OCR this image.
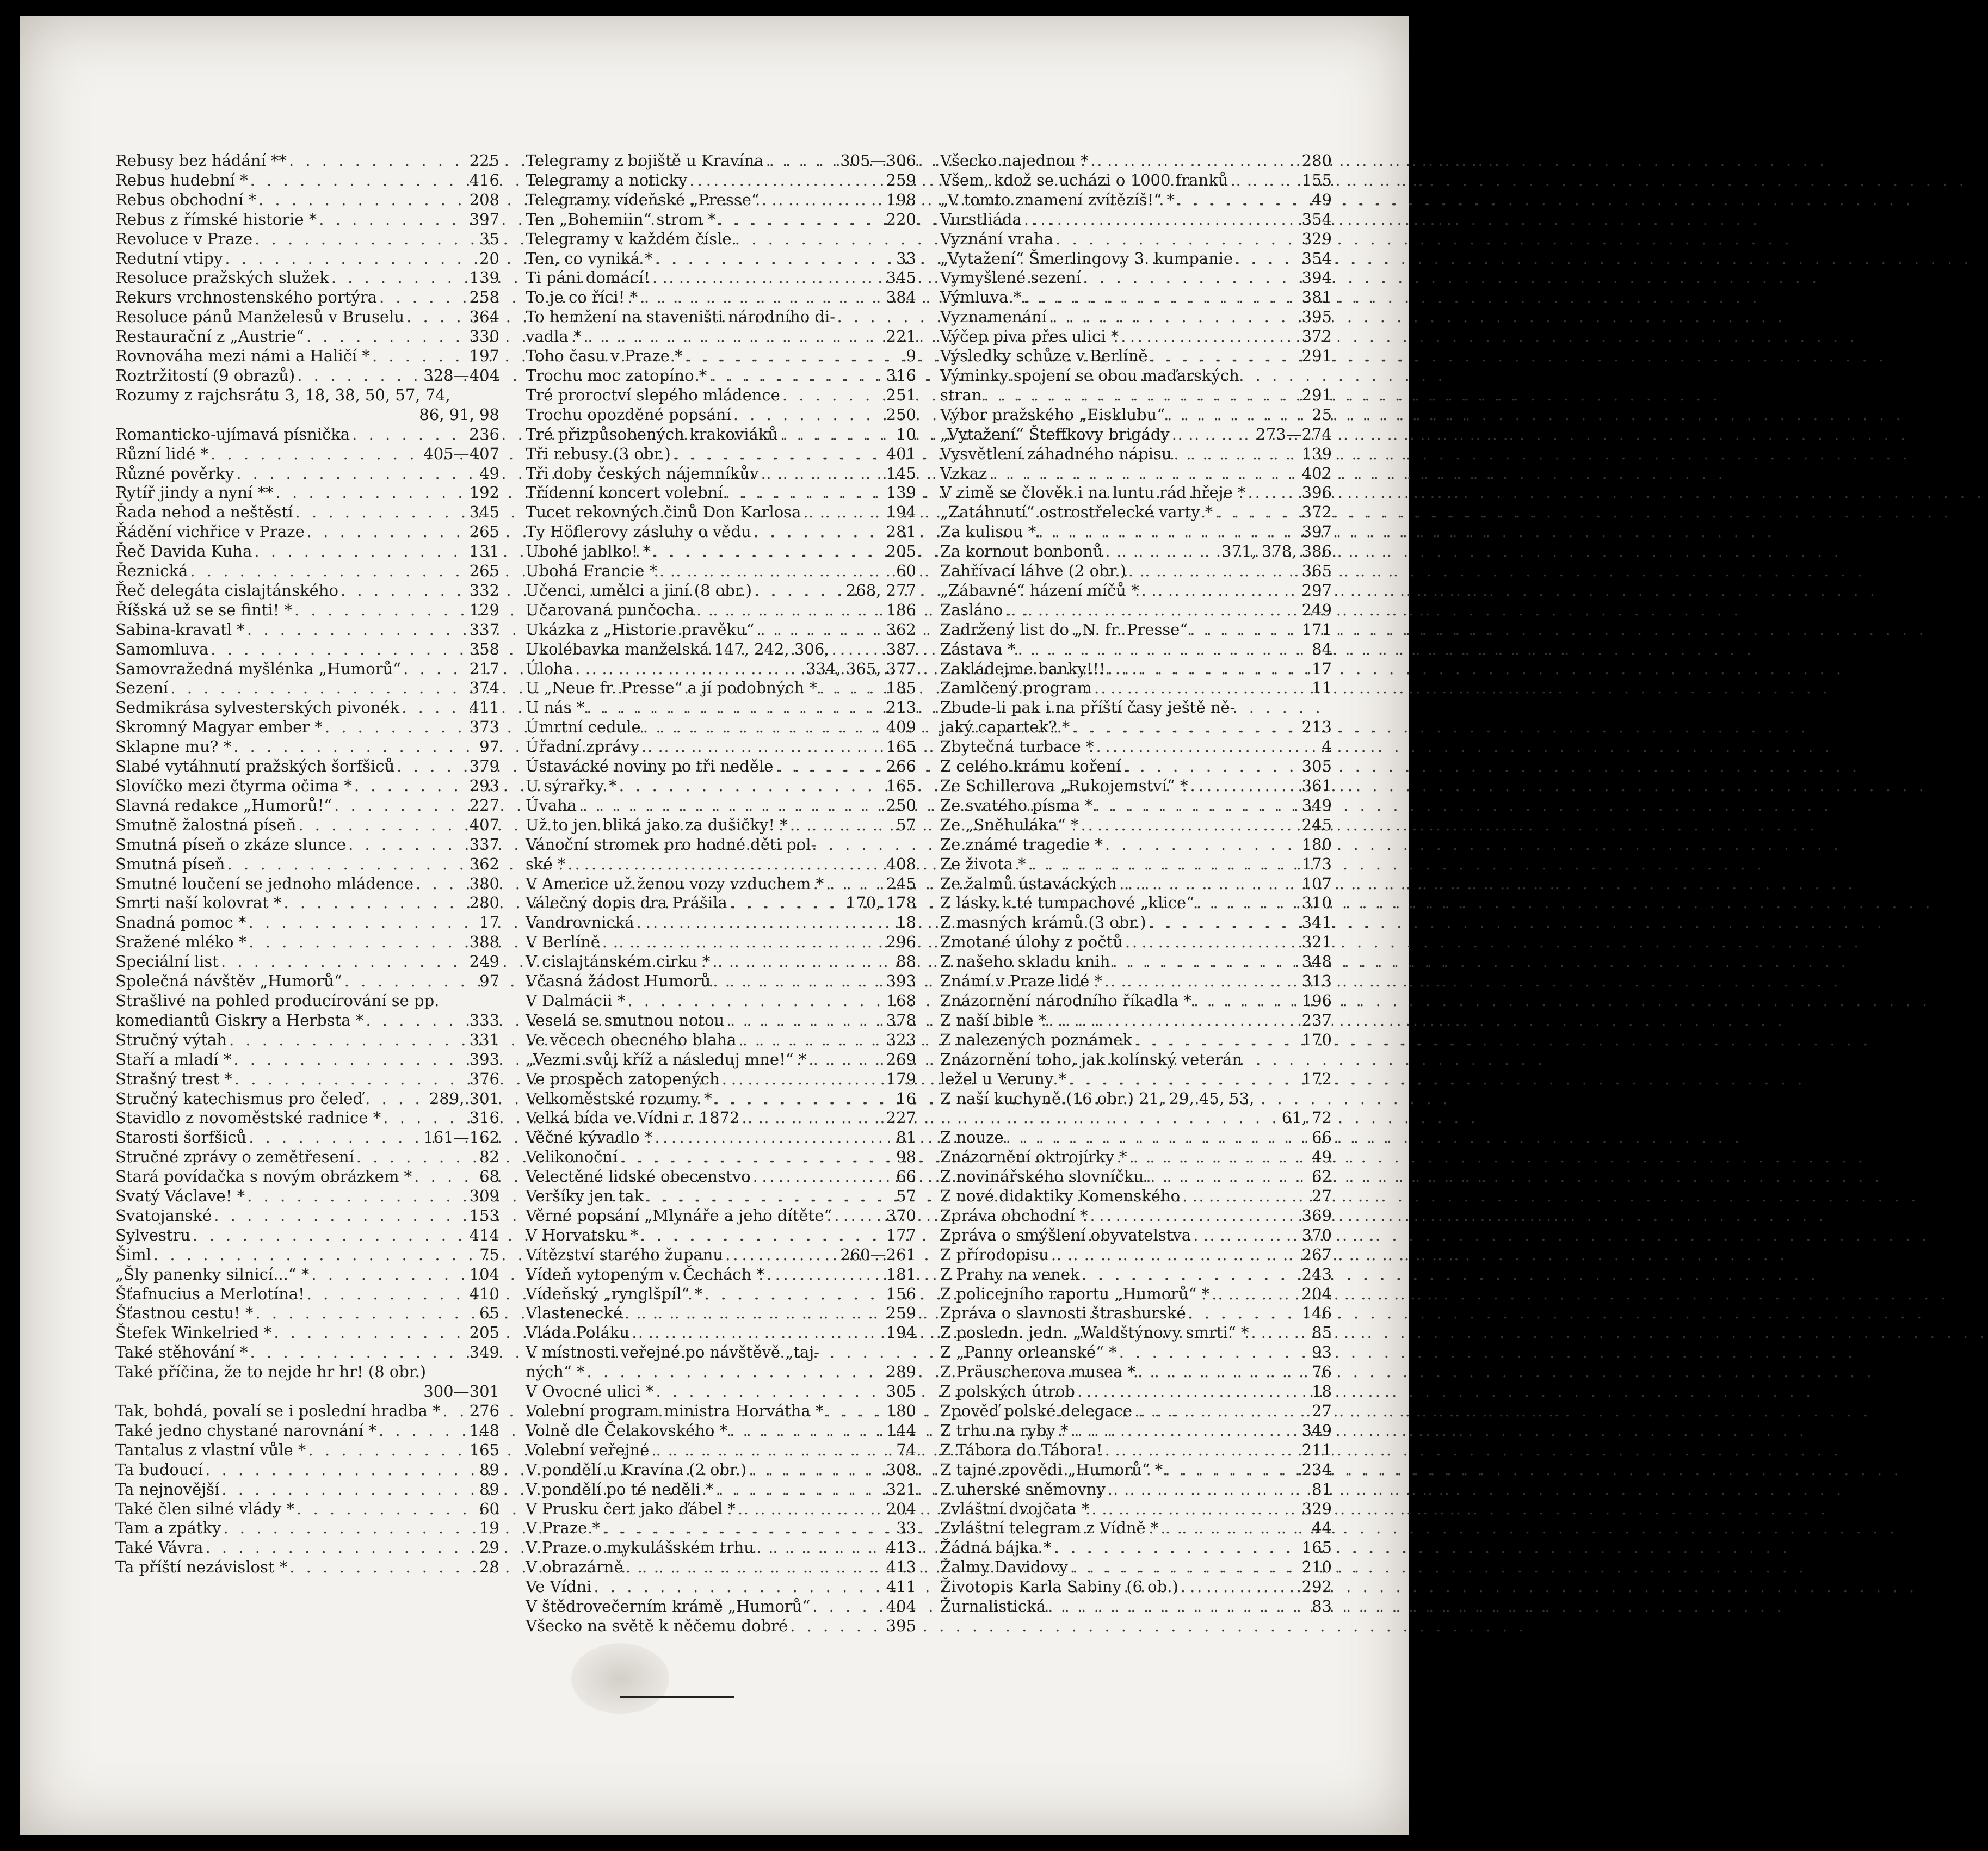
Rebusy bez hádání ** . . .	225
Rebus hudební * . . .	416
Rebus obchodní * . . .	208
Rebus z římské historie * . . .	397
Revoluce v Praze . . .	35
Redutní vtipy . . .	20
Resoluce pražských služek . . .	139
Rekurs vrchnostenského portýra . . .	258
Resoluce pánů Manželesů v Bruselu . . .	364
Restaurační z „Austrie“ . . .	330
Rovnováha mezi námi a Haličí * . . .	197
Roztržitostí (9 obrazů) . . .	328—404
Rozumy z rajchsrátu 3, 18, 38, 50, 57, 74,
86, 91, 98
Romanticko-ujímavá písnička . . .	236
Různí lidé * . . .	405—407
Různé pověrky . . .	49
Rytíř jindy a nyní ** . . .	192
Řada nehod a neštěstí . . .	345
Řádění vichřice v Praze . . .	265
Řeč Davida Kuha . . .	131
Řeznická . . .	265
Řeč delegáta cislajtánského . . .	332
Říšská už se se finti! * . . .	129
Sabina-kravatl * . . .	337
Samomluva . . .	358
Samovražedná myšlénka „Humorů“ . . .	217
Sezení . . .	374
Sedmikrása sylvesterských pivonék . . .	411
Skromný Magyar ember * . . .	373
Sklapne mu? * . . .	97
Slabé vytáhnutí pražských šorfšiců . . .	379
Slovíčko mezi čtyrma očima * . . .	293
Slavná redakce „Humorů!“ . . .	227
Smutně žalostná píseň . . .	407
Smutná píseň o zkáze slunce . . .	337
Smutná píseň . . .	362
Smutné loučení se jednoho mládence . . .	380
Smrti naší kolovrat * . . .	280
Snadná pomoc * . . .	17
Sražené mléko * . . .	388
Speciální list . . .	249
Společná návštěv „Humorů“ . . .	97
Strašlivé na pohled producírování se pp.
komediantů Giskry a Herbsta * . . .	333
Stručný výtah . . .	331
Staří a mladí * . . .	393
Strašný trest * . . .	376
Stručný katechismus pro čeleď . . .	289, 301
Stavidlo z novoměstské radnice * . . .	316
Starosti šorfšiců . . .	161—162
Stručné zprávy o zemětřesení . . .	82
Stará povídačka s novým obrázkem * . . .	68
Svatý Václave! * . . .	309
Svatojanské . . .	153
Sylvestru . . .	414
Šiml . . .	75
„Šly panenky silnicí...“ * . . .	104
Šťafnucius a Merlotína! . . .	410
Šťastnou cestu! * . . .	65
Štefek Winkelried * . . .	205
Také stěhování * . . .	349
Také příčina, že to nejde hr hr! (8 obr.)
300—301
Tak, bohdá, povalí se i poslední hradba * . . . 276
Také jedno chystané narovnání * . . .	148
Tantalus z vlastní vůle * . . .	165
Ta budoucí . . .	89
Ta nejnovější . . .	89
Také člen silné vlády * . . .	60
Tam a zpátky . . .	19
Také Vávra . . .	29
Ta příští nezávislost * . . .	28
Telegramy z bojiště u Kravína . . .	305—306
Telegramy a noticky . . .	259
Telegramy vídeňské „Presse“ . . .	198
Ten „Bohemiin“ strom * . . .	220
Telegramy v každém čísle.
Ten, co vyniká * . . .	33
Ti páni domácí! . . .	345
To je co říci! * . . .	384
To hemžení na staveništi národního di-
vadla * . . .	221
Toho času v Praze * . . .	9
Trochu moc zatopíno * . . .	316
Tré proroctví slepého mládence . . .	251
Trochu opozděné popsání . . .	250
Tré přizpůsobených krakoviáků . . .	10
Tři rebusy (3 obr.) . . .	401
Tři doby českých nájemníkův . . .	145
Třídenní koncert volební . . .	139
Tucet rekovných činů Don Karlosa . . .	194
Ty Höflerovy zásluhy o vědu . . .	281
Ubohé jablko! * . . .	205
Ubohá Francie * . . .	60
Učenci, umělci a jiní (8 obr.) . . .	268, 277
Učarovaná punčocha . . .	186
Ukázka z „Historie pravěku“ . . .	362
Ukolébavka manželská 147, 242, 306, . . .	387
Úloha . . .	334, 365, 377
U „Neue fr. Presse“ a jí podobných * . . .	185
U nás * . . .	213
Úmrtní cedule . . .	409
Úřadní zprávy . . .	165
Ústavácké noviny po tři neděle . . .	266
U sýrařky * . . .	165
Úvaha . . .	250
Už to jen bliká jako za dušičky! * . . .	57
Vánoční stromek pro hodné děti pol-
ské * . . .	408
V Americe už ženou vozy vzduchem * . . .	245
Válečný dopis dra Prášila . . .	170, 178
Vandrovnická . . .	18
V Berlíně . . .	296
V cislajtánském cirku * . . .	88
Včasná žádost Humorů . . .	393
V Dalmácii * . . .	168
Veselá se smutnou notou . . .	378
Ve věcech obecného blaha . . .	323
„Vezmi svůj kříž a následuj mne!“ * . . .	269
Ve prospěch zatopených . . .	179
Velkoměstské rozumy * . . .	16
Velká bída ve Vídni r. 1872 . . .	227
Věčné kývadlo * . . .	81
Velikonoční . . .	98
Velectěné lidské obecenstvo . . .	66
Veršíky jen tak . . .	57
Věrné popsání „Mlynáře a jeho dítěte“ . . .	370
V Horvatsku * . . .	177
Vítězství starého županu . . .	260—261
Vídeň vytopeným v Čechách * . . .	181
Vídeňský „rynglšpíl“ * . . .	156
Vlastenecké . . .	259
Vláda Poláku . . .	194
V místnosti veřejné po návštěvě „taj-
ných“ * . . .	289
V Ovocné ulici * . . .	305
Volební program ministra Horvátha * . . .	180
Volně dle Čelakovského * . . .	144
Volební veřejné . . .	74
V pondělí u Kravína (2 obr.) . . .	308
V pondělí po té neděli * . . .	321
V Prusku čert jako ďábel * . . .	204
V Praze * . . .	33
V Praze o mykulášském trhu . . .	413
V obrazárně . . .	413
Ve Vídni . . .	411
V štědrovečerním krámě „Humorů“ . . .	404
Všecko na světě k něčemu dobré . . .	395
Všecko najednou * . . .	280
Všem, kdož se ucházi o 1000 franků . . .	155
„V tomto znamení zvítězíš!“ * . . .	49
Vurstliáda . . .	354
Vyznání vraha . . .	329
„Vytažení“ Šmerlingovy 3. kumpanie . . .	354
Vymyšlené sezení . . .	394
Výmluva * . . .	381
Vyznamenání . . .	395
Výčep piva přes ulici * . . .	372
Výsledky schůze v Berlíně . . .	291
Výminky spojení se obou maďarských
stran . . .	291
Výbor pražského „Eisklubu“ . . .	25
„Vytažení“ Šteffkovy brigády . . .	273—274
Vysvětlení záhadného nápisu . . .	139
Vzkaz . . .	402
V zimě se člověk i na luntu rád hřeje * . . .	396
„Zatáhnutí“ ostrostřelecké varty * . . .	372
Za kulisou * . . .	397
Za kornout bonbonů . . .	371, 378, 386
Zahřívací láhve (2 obr.) . . .	365
„Zábavné“ házení míčů * . . .	297
Zasláno . . .	249
Zadržený list do „N. fr. Presse“ . . .	171
Zástava * . . .	84
Zakládejme banky!!! . . .	17
Zamlčený program . . .	11
Zbude-li pak i na příští časy ještě ně-
jaký capartek? * . . .	213
Zbytečná turbace * . . .	4
Z celého krámu koření . . .	305
Ze Schillerova „Rukojemství“ * . . .	361
Ze svatého písma * . . .	349
Ze „Sněhuláka“ * . . .	245
Ze známé tragedie * . . .	180
Ze života * . . .	173
Ze žalmů ústaváckých . . .	107
Z lásky k té tumpachové „klice“ . . .	310
Z masných krámů (3 obr.) . . .	341
Zmotané úlohy z počtů . . .	321
Z našeho skladu knih . . .	348
Známí v Praze lidé * . . .	313
Znázornění národního říkadla * . . .	196
Z naší bible * . . .	237
Z nalezených poznámek . . .	170
Znázornění toho, jak kolínský veterán
ležel u Veruny * . . .	172
Z naší kuchyně (16 obr.) 21, 29, 45, 53,
61, 72
Z nouze . . .	66
Znázornění oktrojírky * . . .	49
Z novinářského slovníčku . . .	62
Z nové didaktiky Komenského . . .	27
Zpráva obchodní * . . .	369
Zpráva o smýšlení obyvatelstva . . .	370
Z přírodopisu . . .	267
Z Prahy na venek . . .	243
Z policejního raportu „Humorů“ * . . .	204
Zpráva o slavnosti štrasburské . . .	146
Z posledn. jedn. „Waldštýnovy smrti“ * . . .	85
Z „Panny orleanské“ * . . .	93
Z Präuscherova musea * . . .	76
Z polských útrob . . .	18
Zpověď polské delegace . . .	27
Z trhu na ryby * . . .	349
Z Tábora do Tábora! . . .	211
Z tajné zpovědi „Humorů“ * . . .	234
Z uherské sněmovny . . .	81
Zvláštní dvojčata * . . .	329
Zvláštní telegram z Vídně * . . .	44
Žádná bájka * . . .	165
Žalmy Davidovy . . .	210
Životopis Karla Sabiny (6 ob.) . . .	292
Žurnalistická . . .	83
